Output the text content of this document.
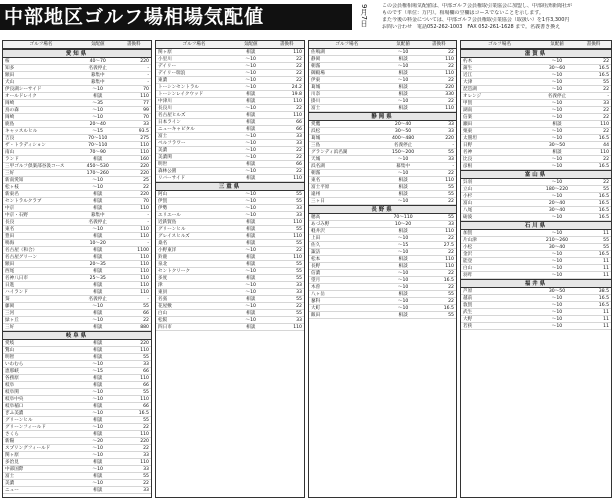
中部地区ゴルフ場相場気配値	9月7日	この会員権相場気配値は、中部ゴルフ会員権取引業協会に加盟し、中部経済新聞社が
ものです（単位：万円）。相場欄の空欄はコースでないことを示します。
また今後の料金については、中部ゴルフ会員権取引業協会（取扱い）を1件3,300円
お問い合わせ　電話052-262-1003　FAX 052-261-1628 まで。名義書き換え
ゴルフ場名	気配値	書換料
愛知県
桜	40〜70	220
知多	名義停止	-
額田	募集中	-
犬山	募集中	-
伊良湖シーサイド	〜10	70
オールドレイク	相談	110
岡崎	〜35	77
鳥の森	〜10	99
岡崎	〜10	70
鹿島	20〜40	33
キャッスルヒル	〜15	93.5
吉良	70〜110	275
ザ・トラディション	70〜110	110
南山	70〜90	110
ランド	相談	160
三甲ゴルフ倶楽部谷汲コース	450〜530	220
三好	170〜260	220
新南愛知	〜10	25
松ヶ枝	〜10	22
新東名	相談	220
セントラルクラブ	相談	70
中京	相談	110
中京・石野	募集中	-
長良	名義停止	-
東名	〜10	110
豊田	相談	110
鳴海	10〜20	-
名古屋（和合）	相談	1100
名古屋グリーン	相談	110
額田	20〜35	110
西尾	相談	110
名神八日市	25〜35	110
日進	相談	110
ハイランド	相談	110
葵	名義停止	-
藤岡	〜10	55
三河	相談	66
緑ヶ丘	〜10	22
三好	相談	880
岐阜県
愛岐	相談	220
鷺山	相談	110
明智	相談	55
いわむら	〜10	33
恵那峡	〜15	66
各務原	相談	110
岐阜	相談	66
岐阜関	〜10	55
岐阜中央	〜10	110
岐阜稲口	相談	66
ぎふ美濃	〜10	16.5
グリーンヒル	相談	55
グリーンフィールド	〜10	22
さくら	相談	110
新陽	〜20	220
スプリングフィールド	〜10	22
関ヶ原	〜10	33
多治見	相談	110
中部国際	〜10	33
富士	相談	55
美濃	〜10	22
ニュー	相談	33
ゴルフ場名	気配値	書換料
関ヶ原	相談	110
小里川	〜10	22
デイリー	〜10	22
デイリー瑞浪	〜10	22
東濃	〜10	22
トーシンセントラル	〜10	24.2
トーシンレイクウッド	相談	19.8
中津川	相談	110
長良川	〜10	22
名古屋ヒルズ	相談	110
日本ライン	相談	66
ニューキャピタル	相談	66
富士	〜10	33
ベルフラワー	〜10	33
美濃	〜10	22
美濃関	〜10	22
明世	相談	66
森林公園	〜10	22
リバーサイド	相談	110
三重県
阿山	〜10	55
伊賀	〜10	55
伊勢	〜10	33
エリエール	〜10	33
近鉄賢島	相談	110
グリーンヒル	相談	55
グレイスヒルズ	相談	110
桑名	相談	55
小野東洋	〜10	22
鈴鹿	相談	110
泉北	相談	55
セントクリーク	〜10	55
多度	相談	55
津	〜10	33
東員	〜10	33
名張	相談	55
花屋敷	〜10	22
白山	相談	55
松阪	〜10	33
四日市	相談	110
ゴルフ場名	気配値	書換料
佐鳴湖	〜10	22
静岡	相談	110
朝霧	〜10	22
御殿場	相談	110
伊東	〜10	22
葛城	相談	220
川奈	相談	330
掛川	〜10	22
富士	相談	110
静岡県
愛鷹	20〜40	33
浜松	30〜50	33
葛城	400〜480	220
三島	名義停止	-
グランディ浜名湖	150〜200	55
天城	〜10	33
浜名湖	募集中	-
朝霧	〜10	22
東名	相談	110
富士平原	相談	55
遠州	相談	55
三ヶ日	〜10	22
長野県
穂高	70〜110	55
あづみ野	10〜20	33
軽井沢	相談	110
上田	〜10	22
佐久	〜15	27.5
諏訪	〜10	22
松本	相談	110
長野	相談	110
信濃	〜10	22
望月	〜10	16.5
木曽	〜10	22
八ヶ岳	相談	55
蓼科	〜10	22
大町	〜10	16.5
飯田	相談	55
ゴルフ場名	気配値	書換料
滋賀県
朽木	〜10	22
蒲生	30〜60	16.5
近江	〜10	16.5
大津	〜10	55
琵琶湖	〜10	22
オレンジ	名義停止	-
甲賀	〜10	33
湖南	〜10	22
信楽	〜10	22
瀬田	相談	110
栗東	〜10	22
太閤坦	〜10	16.5
日野	30〜50	44
名神	相談	110
比良	〜10	22
彦根	〜10	16.5
富山県
呉羽	〜10	22
立山	180〜220	55
小杉	〜10	16.5
富山	20〜40	16.5
八尾	30〜40	16.5
砺波	〜10	16.5
石川県
加賀	〜10	11
片山津	210〜260	55
小松	30〜40	55
金沢	〜10	16.5
能登	〜10	11
白山	〜10	11
羽咋	〜10	11
福井県
芦原	30〜50	38.5
越前	〜10	16.5
敦賀	〜10	16.5
武生	〜10	11
大野	〜10	11
若狭	〜10	11
